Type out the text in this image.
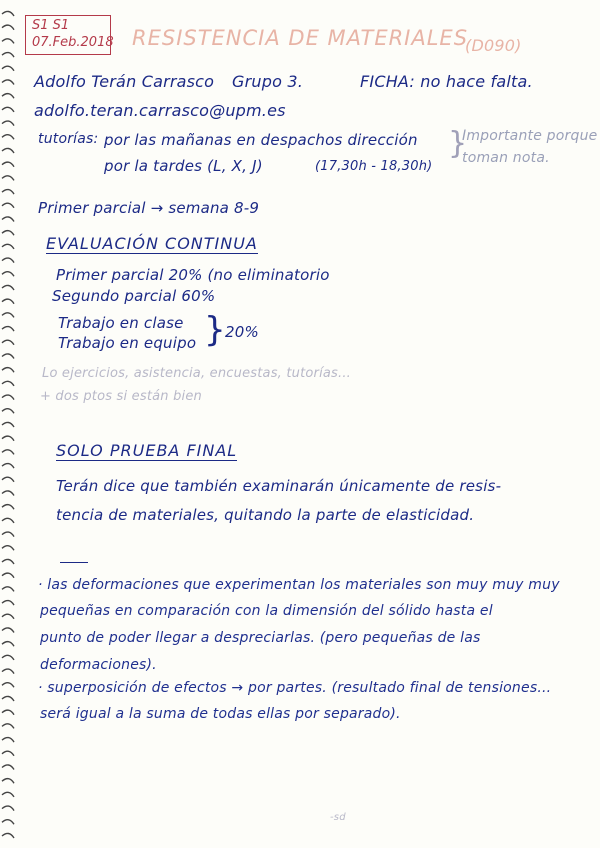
S1 S1
07.Feb.2018 RESISTENCIA DE MATERIALES
(D090)
Adolfo Terán Carrasco Grupo 3.	FICHA: no hace falta.
adolfo.teran.carrasco@upm.es
tutorías: por las mañanas en despachos dirección
por la tardes (L, X, J)	(17,30h - 18,30h)
}
Importante porque
toman nota.
Primer parcial → semana 8-9
EVALUACIÓN CONTINUA
Primer parcial 20% (no eliminatorio
Segundo parcial 60%
Trabajo en clase
Trabajo en equipo } 20%
Lo ejercicios, asistencia, encuestas, tutorías...
+ dos ptos si están bien
SOLO PRUEBA FINAL
Terán dice que también examinarán únicamente de resis-
tencia de materiales, quitando la parte de elasticidad.
· las deformaciones que experimentan los materiales son muy muy muy
pequeñas en comparación con la dimensión del sólido hasta el
punto de poder llegar a despreciarlas. (pero pequeñas de las
deformaciones).
· superposición de efectos → por partes. (resultado final de tensiones...
será igual a la suma de todas ellas por separado).
-sd
